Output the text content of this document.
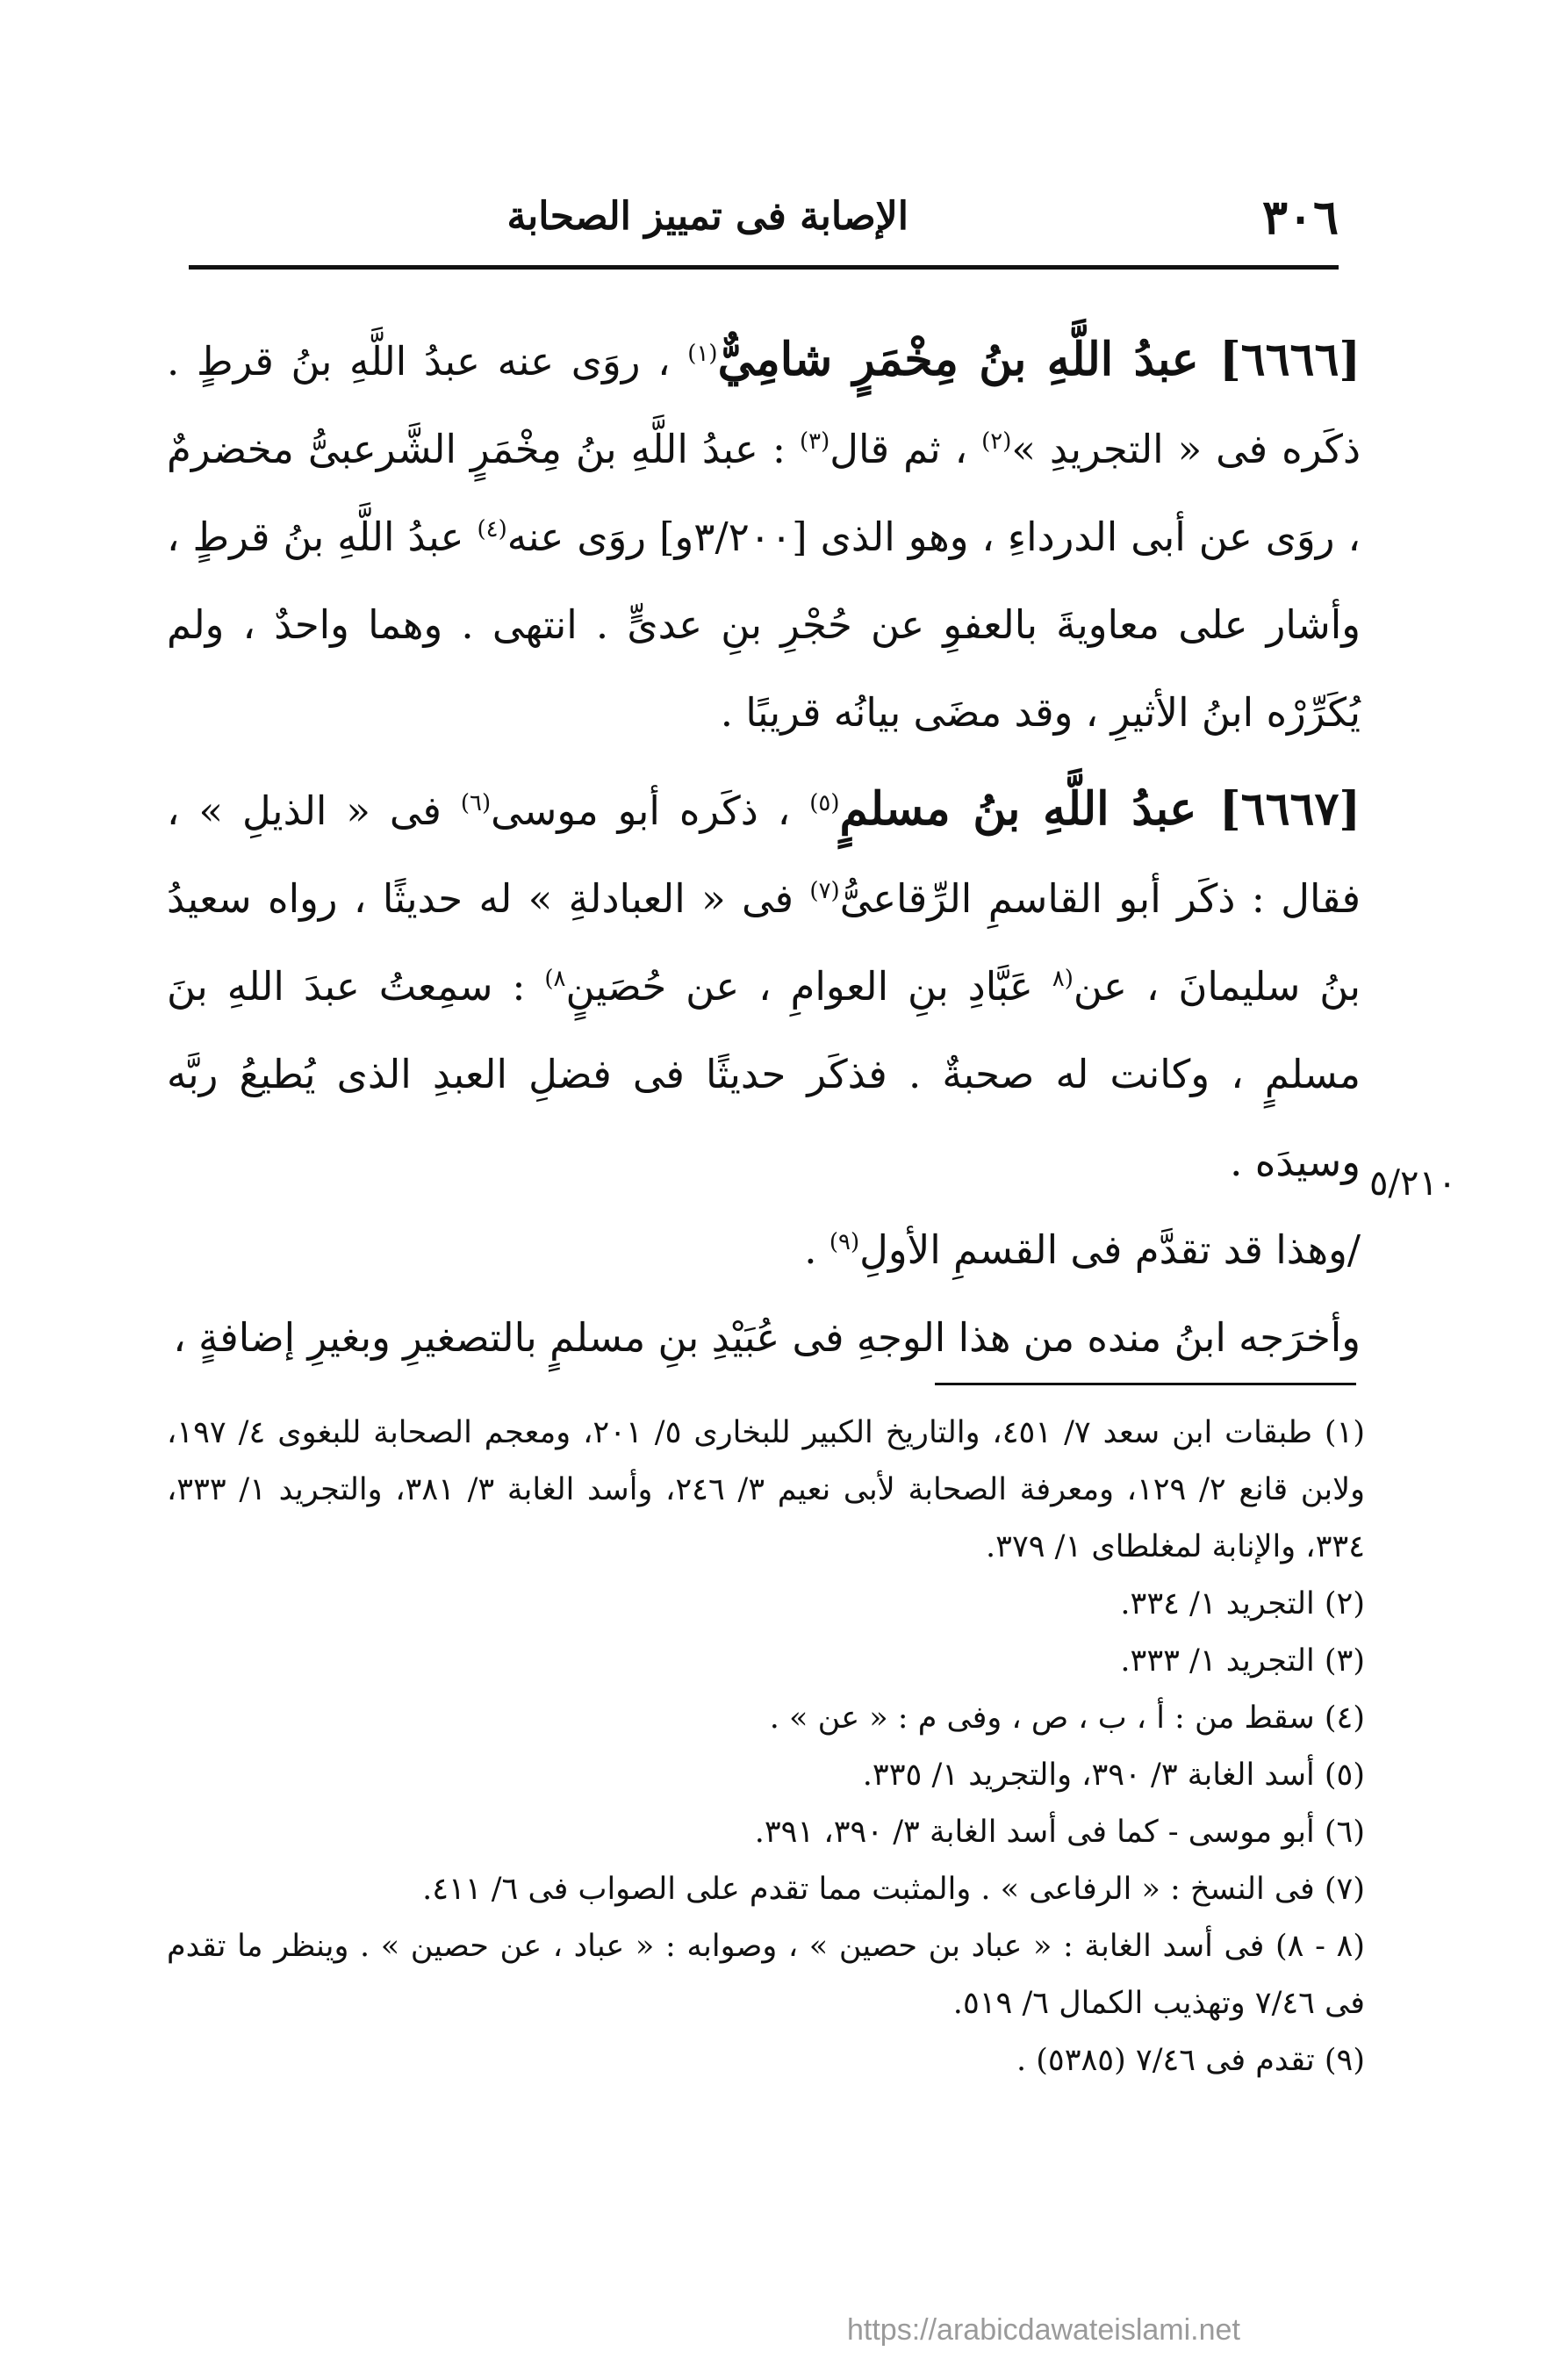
٣٠٦
الإصابة فى تمييز الصحابة

[٦٦٦٦] عبدُ اللَّهِ بنُ مِخْمَرٍ شامِيٌّ$^{(١)}$ ، روَى عنه عبدُ اللَّهِ بنُ قرطٍ . ذكَره فى « التجريدِ »$^{(٢)}$ ، ثم قال$^{(٣)}$ : عبدُ اللَّهِ بنُ مِخْمَرٍ الشَّرعبىُّ مخضرمٌ ، روَى عن أبى الدرداءِ ، وهو الذى [٣/٢٠٠و] روَى عنه$^{(٤)}$ عبدُ اللَّهِ بنُ قرطٍ ، وأشار على معاويةَ بالعفوِ عن حُجْرِ بنِ عدىٍّ . انتهى . وهما واحدٌ ، ولم يُكَرِّرْه ابنُ الأثيرِ ، وقد مضَى بيانُه قريبًا .

[٦٦٦٧] عبدُ اللَّهِ بنُ مسلمٍ$^{(٥)}$ ، ذكَره أبو موسى$^{(٦)}$ فى « الذيلِ » ، فقال : ذكَر أبو القاسمِ الرِّقاعىُّ$^{(٧)}$ فى « العبادلةِ » له حديثًا ، رواه سعيدُ بنُ سليمانَ ، عن$^{(٨}$ عَبَّادِ بنِ العوامِ ، عن حُصَينٍ$^{٨)}$ : سمِعتُ عبدَ اللهِ بنَ مسلمٍ ، وكانت له صحبةٌ . فذكَر حديثًا فى فضلِ العبدِ الذى يُطيعُ ربَّه وسيدَه .

/وهذا قد تقدَّم فى القسمِ الأولِ$^{(٩)}$ .

وأخرَجه ابنُ منده من هذا الوجهِ فى عُبَيْدِ بنِ مسلمٍ بالتصغيرِ وبغيرِ إضافةٍ ،

٥/٢١٠

(١) طبقات ابن سعد ٧/ ٤٥١، والتاريخ الكبير للبخارى ٥/ ٢٠١، ومعجم الصحابة للبغوى ٤/ ١٩٧، ولابن قانع ٢/ ١٢٩، ومعرفة الصحابة لأبى نعيم ٣/ ٢٤٦، وأسد الغابة ٣/ ٣٨١، والتجريد ١/ ٣٣٣، ٣٣٤، والإنابة لمغلطاى ١/ ٣٧٩.

(٢) التجريد ١/ ٣٣٤.

(٣) التجريد ١/ ٣٣٣.

(٤) سقط من : أ ، ب ، ص ، وفى م : « عن » .

(٥) أسد الغابة ٣/ ٣٩٠، والتجريد ١/ ٣٣٥.

(٦) أبو موسى - كما فى أسد الغابة ٣/ ٣٩٠، ٣٩١.

(٧) فى النسخ : « الرفاعى » . والمثبت مما تقدم على الصواب فى ٦/ ٤١١.

(٨ - ٨) فى أسد الغابة : « عباد بن حصين » ، وصوابه : « عباد ، عن حصين » . وينظر ما تقدم فى ٧/٤٦ وتهذيب الكمال ٦/ ٥١٩.

(٩) تقدم فى ٧/٤٦ (٥٣٨٥) .

https://arabicdawateislami.net
